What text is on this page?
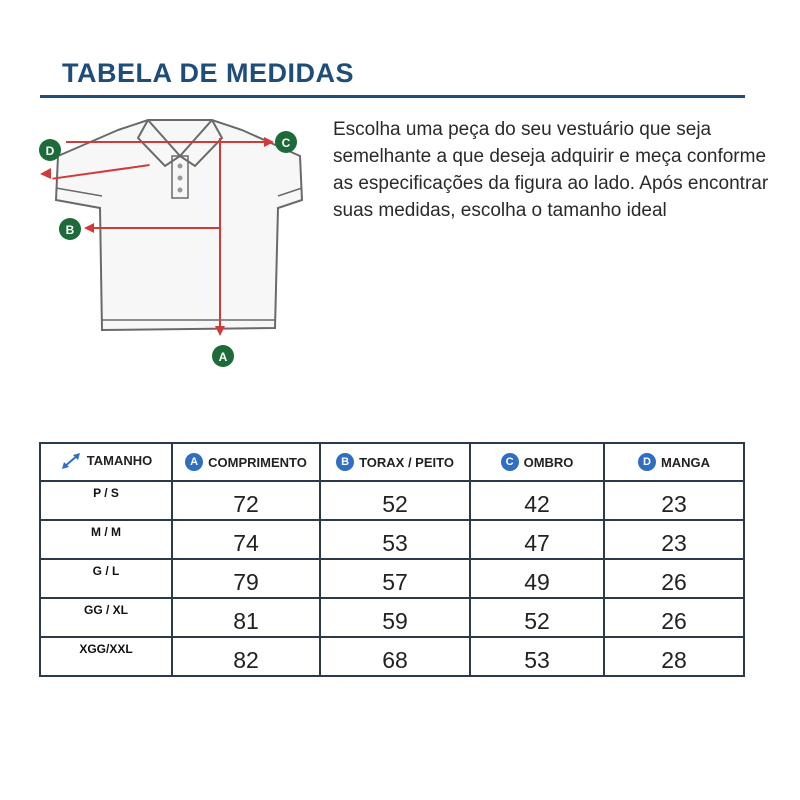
TABELA DE MEDIDAS
D
C
B
A
Escolha uma peça do seu vestuário que seja semelhante a que deseja adquirir e meça conforme as especificações da figura ao lado. Após encontrar suas medidas, escolha o tamanho ideal
TAMANHO	A COMPRIMENTO	B TORAX / PEITO	C OMBRO	D MANGA

P / S	72	52	42	23
M / M	74	53	47	23
G / L	79	57	49	26
GG / XL	81	59	52	26
XGG/XXL	82	68	53	28
